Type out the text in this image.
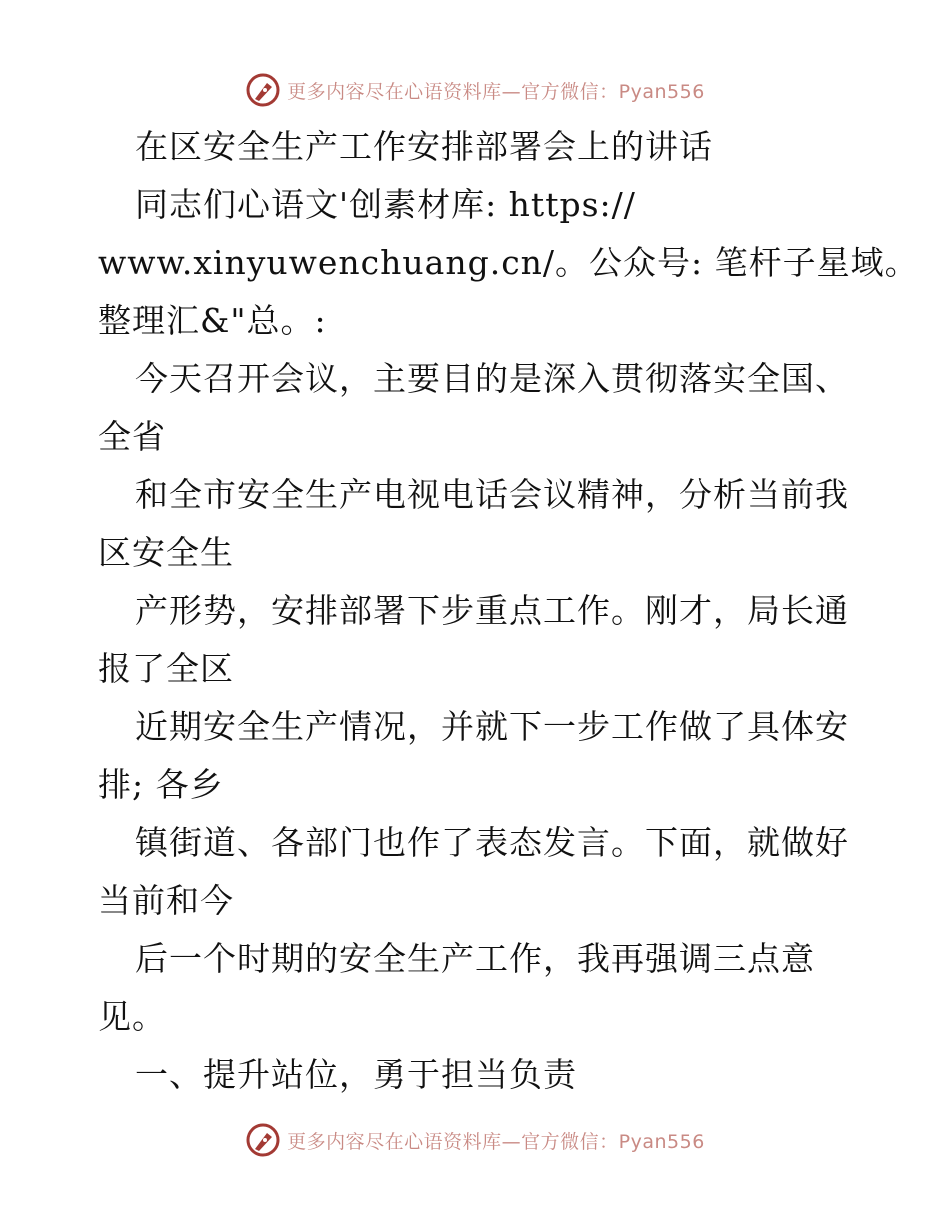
更多内容尽在心语资料库—官方微信：Pyan556
在区安全生产工作安排部署会上的讲话
同志们心语文'创素材库: https://
www.xinyuwenchuang.cn/。公众号: 笔杆子星域。
整理汇&"总。:
今天召开会议，主要目的是深入贯彻落实全国、
全省
和全市安全生产电视电话会议精神，分析当前我
区安全生
产形势，安排部署下步重点工作。刚才，局长通
报了全区
近期安全生产情况，并就下一步工作做了具体安
排; 各乡
镇街道、各部门也作了表态发言。下面，就做好
当前和今
后一个时期的安全生产工作，我再强调三点意
见。
一、提升站位，勇于担当负责
更多内容尽在心语资料库—官方微信：Pyan556
